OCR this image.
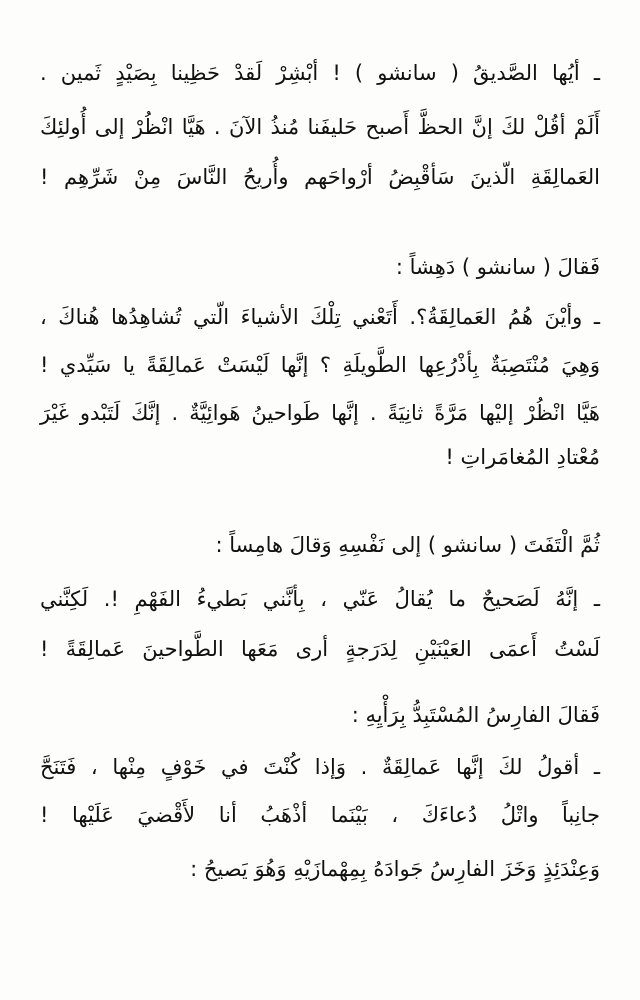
ـ أيُها الصَّديقُ ( سانشو ) ! أبْشِرْ لَقدْ حَظِينا بِصَيْدٍ ثَمين .
أَلَمْ أقُلْ لكَ إنَّ الحظَّ أَصبح حَليفَنا مُنذُ الآنَ . هَيَّا انْظُرْ إلى أُولئِكَ
العَمالِقَةِ الّذينَ سَأقْبِضُ أرْواحَهم وأُريحُ النَّاسَ مِنْ شَرِّهِم !
فَقالَ ( سانشو ) دَهِشاً :
ـ وأيْنَ هُمُ العَمالِقَةُ؟. أَتَعْني تِلْكَ الأشياءَ الّتي تُشاهِدُها هُناكَ ،
وَهِيَ مُنْتَصِبَةٌ بِأذْرُعِها الطَّويلَةِ ؟ إنَّها لَيْسَتْ عَمالِقَةً يا سَيِّدي !
هَيَّا انْظُرْ إليْها مَرَّةً ثانِيَةً . إنَّها طَواحينُ هَوائِيَّةٌ . إنَّكَ لَتَبْدو غَيْرَ
مُعْتادِ المُغامَراتِ !
ثُمَّ الْتَفَتَ ( سانشو ) إلى نَفْسِهِ وَقالَ هامِساً :
ـ إنَّهُ لَصَحيحٌ ما يُقالُ عَنّي ، بِأنَّني بَطيءُ الفَهْمِ !. لَكِنَّني
لَسْتُ أَعمَى العَيْنَيْنِ لِدَرَجةٍ أرى مَعَها الطَّواحينَ عَمالِقَةً !
فَقالَ الفارِسُ المُسْتَبِدُّ بِرَأْيِهِ :
ـ أقولُ لكَ إنَّها عَمالِقَةٌ . وَإذا كُنْتَ في خَوْفٍ مِنْها ، فَتَنَحَّ
جانِباً واتْلُ دُعاءَكَ ، بَيْنَما أذْهَبُ أنا لأَقْضيَ عَلَيْها !
وَعِنْدَئِذٍ وَخَزَ الفارِسُ جَوادَهُ بِمِهْمازَيْهِ وَهُوَ يَصيحُ :
